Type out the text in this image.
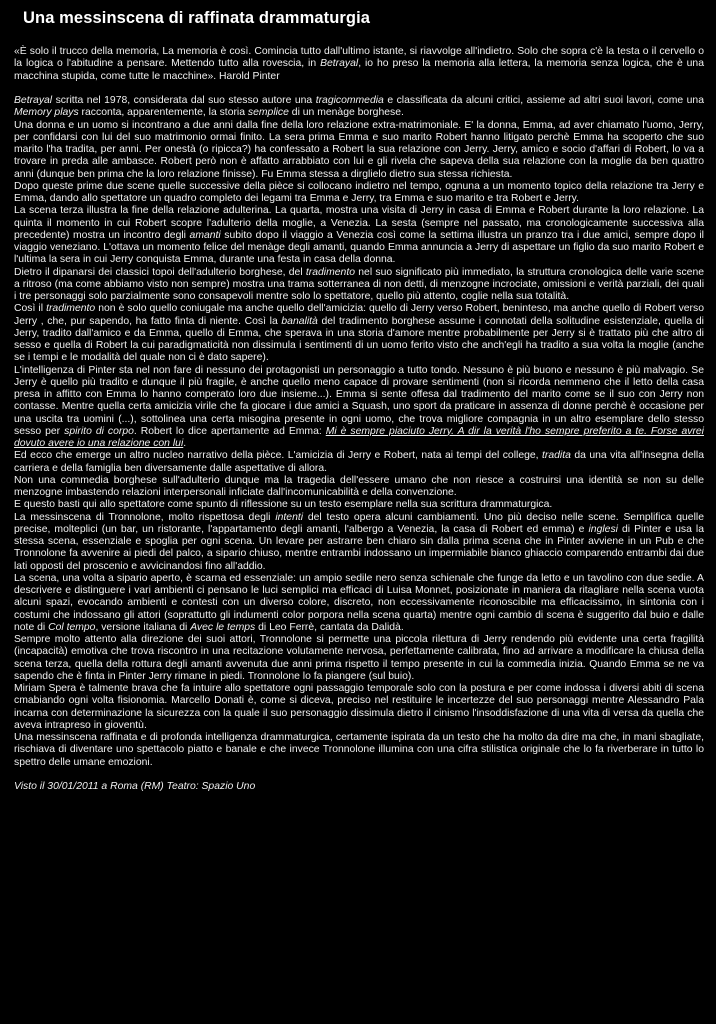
Una messinscena di raffinata drammaturgia

«È solo il trucco della memoria, La memoria è così. Comincia tutto dall'ultimo istante, si riavvolge all'indietro. Solo che sopra c'è la testa o il cervello o la logica o l'abitudine a pensare. Mettendo tutto alla rovescia, in Betrayal, io ho preso la memoria alla lettera, la memoria senza logica, che è una macchina stupida, come tutte le macchine». Harold Pinter

Betrayal scritta nel 1978, considerata dal suo stesso autore una tragicommedia e classificata da alcuni critici, assieme ad altri suoi lavori, come una Memory plays racconta, apparentemente, la storia semplice di un menàge borghese.

Una donna e un uomo si incontrano a due anni dalla fine della loro relazione extra-matrimoniale. E' la donna, Emma, ad aver chiamato l'uomo, Jerry, per confidarsi con lui del suo matrimonio ormai finito. La sera prima Emma e suo marito Robert hanno litigato perchè Emma ha scoperto che suo marito l'ha tradita, per anni. Per onestà (o ripicca?) ha confessato a Robert la sua relazione con Jerry. Jerry, amico e socio d'affari di Robert, lo va a trovare in preda alle ambasce. Robert però non è affatto arrabbiato con lui e gli rivela che sapeva della sua relazione con la moglie da ben quattro anni (dunque ben prima che la loro relazione finisse). Fu Emma stessa a dirglielo dietro sua stessa richiesta.

Dopo queste prime due scene quelle successive della pièce si collocano indietro nel tempo, ognuna a un momento topico della relazione tra Jerry e Emma, dando allo spettatore un quadro completo dei legami tra Emma e Jerry, tra Emma e suo marito e tra Robert e Jerry.

La scena terza illustra la fine della relazione adulterina. La quarta, mostra una visita di Jerry in casa di Emma e Robert durante la loro relazione. La quinta il momento in cui Robert scopre l'adulterio della moglie, a Venezia. La sesta (sempre nel passato, ma cronologicamente successiva alla precedente) mostra un incontro degli amanti subito dopo il viaggio a Venezia così come la settima illustra un pranzo tra i due amici, sempre dopo il viaggio veneziano. L'ottava un momento felice del menàge degli amanti, quando Emma annuncia a Jerry di aspettare un figlio da suo marito Robert e l'ultima la sera in cui Jerry conquista Emma, durante una festa in casa della donna.

Dietro il dipanarsi dei classici topoi dell'adulterio borghese, del tradimento nel suo significato più immediato, la struttura cronologica delle varie scene a ritroso (ma come abbiamo visto non sempre) mostra una trama sotterranea di non detti, di menzogne incrociate, omissioni e verità parziali, dei quali i tre personaggi solo parzialmente sono consapevoli mentre solo lo spettatore, quello più attento, coglie nella sua totalità.

Così il tradimento non è solo quello coniugale ma anche quello dell'amicizia: quello di Jerry verso Robert, beninteso, ma anche quello di Robert verso Jerry , che, pur sapendo, ha fatto finta di niente. Così la banalità del tradimento borghese assume i connotati della solitudine esistenziale, quella di Jerry, tradito dall'amico e da Emma, quello di Emma, che sperava in una storia d'amore mentre probabilmente per Jerry si è trattato più che altro di sesso e quella di Robert la cui paradigmaticità non dissimula i sentimenti di un uomo ferito visto che anch'egli ha tradito a sua volta la moglie (anche se i tempi e le modalità del quale non ci è dato sapere).

L'intelligenza di Pinter sta nel non fare di nessuno dei protagonisti un personaggio a tutto tondo. Nessuno è più buono e nessuno è più malvagio. Se Jerry è quello più tradito e dunque il più fragile, è anche quello meno capace di provare sentimenti (non si ricorda nemmeno che il letto della casa presa in affitto con Emma lo hanno comperato loro due insieme...). Emma si sente offesa dal tradimento del marito come se il suo con Jerry non contasse. Mentre quella certa amicizia virile che fa giocare i due amici a Squash, uno sport da praticare in assenza di donne perchè è occasione per una uscita tra uomini (...), sottolinea una certa misogina presente in ogni uomo, che trova migliore compagnia in un altro esemplare dello stesso sesso per spirito di corpo. Robert lo dice apertamente ad Emma: Mi è sempre piaciuto Jerry. A dir la verità l'ho sempre preferito a te. Forse avrei dovuto avere io una relazione con lui.

Ed ecco che emerge un altro nucleo narrativo della pièce. L'amicizia di Jerry e Robert, nata ai tempi del college, tradita da una vita all'insegna della carriera e della famiglia ben diversamente dalle aspettative di allora.

Non una commedia borghese sull'adulterio dunque ma la tragedia dell'essere umano che non riesce a costruirsi una identità se non su delle menzogne imbastendo relazioni interpersonali inficiate dall'incomunicabilità e della convenzione.

E questo basti qui allo spettatore come spunto di riflessione su un testo esemplare nella sua scrittura drammaturgica.

La messinscena di Tronnolone, molto rispettosa degli intenti del testo opera alcuni cambiamenti. Uno più deciso nelle scene. Semplifica quelle precise, molteplici (un bar, un ristorante, l'appartamento degli amanti, l'albergo a Venezia, la casa di Robert ed emma) e inglesi di Pinter e usa la stessa scena, essenziale e spoglia per ogni scena. Un levare per astrarre ben chiaro sin dalla prima scena che in Pinter avviene in un Pub e che Tronnolone fa avvenire ai piedi del palco, a sipario chiuso, mentre entrambi indossano un impermiabile bianco ghiaccio comparendo entrambi dai due lati opposti del proscenio e avvicinandosi fino all'addio.

La scena, una volta a sipario aperto, è scarna ed essenziale: un ampio sedile nero senza schienale che funge da letto e un tavolino con due sedie. A descrivere e distinguere i vari ambienti ci pensano le luci semplici ma efficaci di Luisa Monnet, posizionate in maniera da ritagliare nella scena vuota alcuni spazi, evocando ambienti e contesti con un diverso colore, discreto, non eccessivamente riconoscibile ma efficacissimo, in sintonia con i costumi che indossano gli attori (soprattutto gli indumenti color porpora nella scena quarta) mentre ogni cambio di scena è suggerito dal buio e dalle note di Col tempo, versione italiana di Avec le temps di Leo Ferrè, cantata da Dalidà.

Sempre molto attento alla direzione dei suoi attori, Tronnolone si permette una piccola rilettura di Jerry rendendo più evidente una certa fragilità (incapacità) emotiva che trova riscontro in una recitazione volutamente nervosa, perfettamente calibrata, fino ad arrivare a modificare la chiusa della scena terza, quella della rottura degli amanti avvenuta due anni prima rispetto il tempo presente in cui la commedia inizia. Quando Emma se ne va sapendo che è finta in Pinter Jerry rimane in piedi. Tronnolone lo fa piangere (sul buio).

Miriam Spera è talmente brava che fa intuire allo spettatore ogni passaggio temporale solo con la postura e per come indossa i diversi abiti di scena cmabiando ogni volta fisionomia. Marcello Donati è, come si diceva, preciso nel restituire le incertezze del suo personaggi mentre Alessandro Pala incarna con determinazione la sicurezza con la quale il suo personaggio dissimula dietro il cinismo l'insoddisfazione di una vita di versa da quella che aveva intrapreso in gioventù.

Una messinscena raffinata e di profonda intelligenza drammaturgica, certamente ispirata da un testo che ha molto da dire ma che, in mani sbagliate, rischiava di diventare uno spettacolo piatto e banale e che invece Tronnolone illumina con una cifra stilistica originale che lo fa riverberare in tutto lo spettro delle umane emozioni.

Visto il 30/01/2011 a Roma (RM) Teatro: Spazio Uno
